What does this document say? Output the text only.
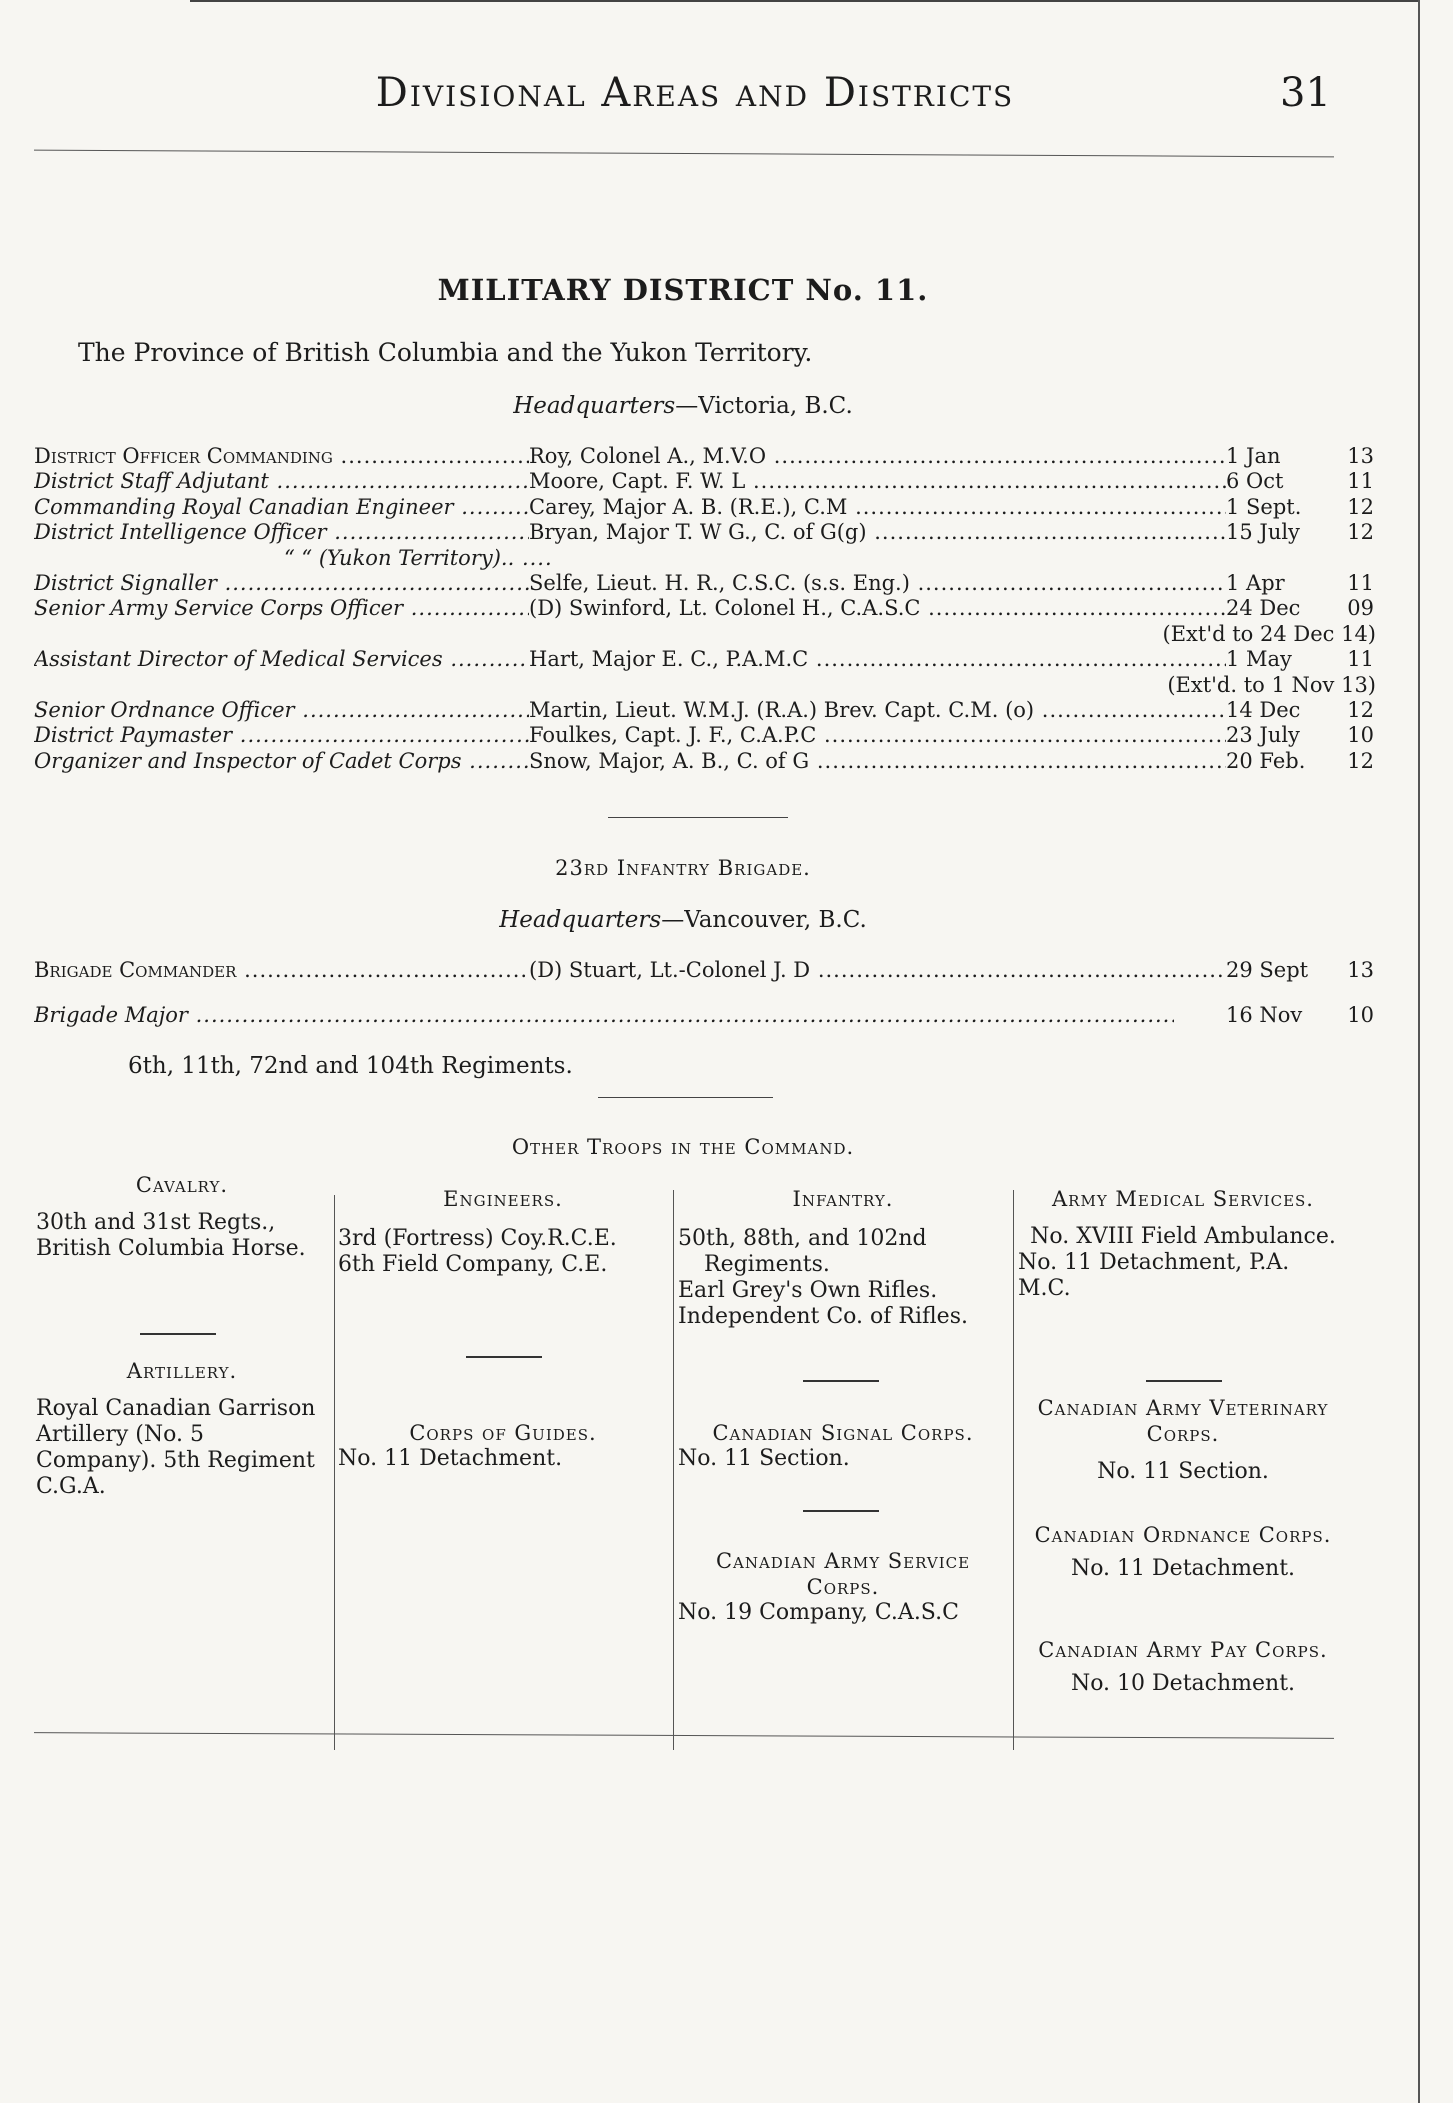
Divisional Areas and Districts	31
MILITARY DISTRICT No. 11.
The Province of British Columbia and the Yukon Territory.
Headquarters—Victoria, B.C.
District Officer Commanding .....	Roy, Colonel A., M.V.O .....	1 Jan	13
District Staff Adjutant .....	Moore, Capt. F. W. L .....	6 Oct	11
Commanding Royal Canadian Engineer .....	Carey, Major A. B. (R.E.), C.M .....	1 Sept.	12
District Intelligence Officer .....	Bryan, Major T. W G., C. of G(g) .....	15 July	12
“ “ (Yukon Territory).. .....
District Signaller .....	Selfe, Lieut. H. R., C.S.C. (s.s. Eng.) .....	1 Apr	11
Senior Army Service Corps Officer .....	(D) Swinford, Lt. Colonel H., C.A.S.C .....	24 Dec	09
(Ext'd to 24 Dec 14)
Assistant Director of Medical Services .....	Hart, Major E. C., P.A.M.C .....	1 May	11
(Ext'd. to 1 Nov 13)
Senior Ordnance Officer .....	Martin, Lieut. W.M.J. (R.A.) Brev. Capt. C.M. (o) .....	14 Dec	12
District Paymaster .....	Foulkes, Capt. J. F., C.A.P.C .....	23 July	10
Organizer and Inspector of Cadet Corps .....	Snow, Major, A. B., C. of G .....	20 Feb.	12
23rd Infantry Brigade.
Headquarters—Vancouver, B.C.
Brigade Commander .....	(D) Stuart, Lt.-Colonel J. D .....	29 Sept	13
Brigade Major .....	16 Nov	10
6th, 11th, 72nd and 104th Regiments.
Other Troops in the Command.
Cavalry.

30th and 31st Regts., British Columbia Horse.

Artillery.

Royal Canadian Garrison Artillery (No. 5 Company). 5th Regiment C.G.A.

Engineers.
3rd (Fortress) Coy.R.C.E.
6th Field Company, C.E.
Corps of Guides.
No. 11 Detachment.
Infantry.
50th, 88th, and 102nd
Regiments.
Earl Grey's Own Rifles.
Independent Co. of Rifles.
Canadian Signal Corps.
No. 11 Section.
Canadian Army Service Corps.
No. 19 Company, C.A.S.C
Army Medical Services.
No. XVIII Field Ambulance.
No. 11 Detachment, P.A. M.C.
Canadian Army Veterinary Corps.
No. 11 Section.
Canadian Ordnance Corps.
No. 11 Detachment.
Canadian Army Pay Corps.
No. 10 Detachment.
